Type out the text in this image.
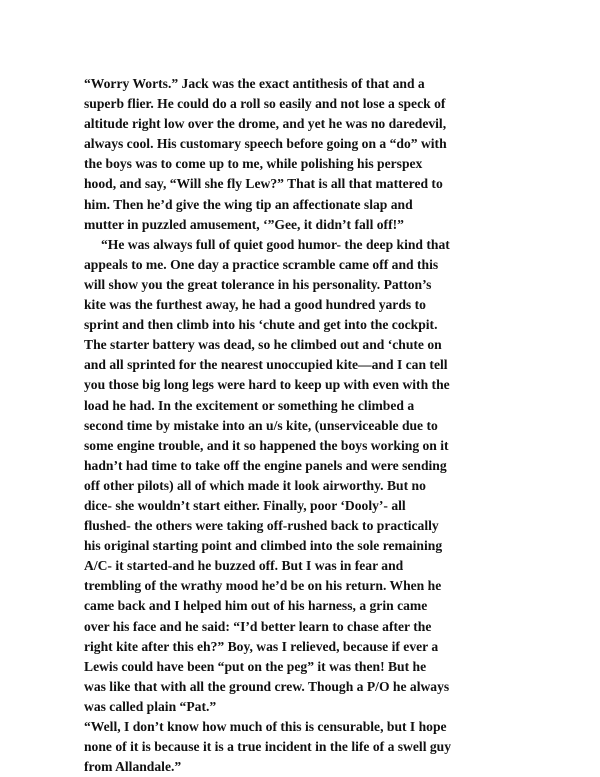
“Worry Worts.” Jack was the exact antithesis of that and a
superb flier. He could do a roll so easily and not lose a speck of
altitude right low over the drome, and yet he was no daredevil,
always cool. His customary speech before going on a “do” with
the boys was to come up to me, while polishing his perspex
hood, and say, “Will she fly Lew?” That is all that mattered to
him. Then he’d give the wing tip an affectionate slap and
mutter in puzzled amusement, ‘”Gee, it didn’t fall off!”
“He was always full of quiet good humor- the deep kind that
appeals to me. One day a practice scramble came off and this
will show you the great tolerance in his personality. Patton’s
kite was the furthest away, he had a good hundred yards to
sprint and then climb into his ‘chute and get into the cockpit.
The starter battery was dead, so he climbed out and ‘chute on
and all sprinted for the nearest unoccupied kite—and I can tell
you those big long legs were hard to keep up with even with the
load he had. In the excitement or something he climbed a
second time by mistake into an u/s kite, (unserviceable due to
some engine trouble, and it so happened the boys working on it
hadn’t had time to take off the engine panels and were sending
off other pilots) all of which made it look airworthy. But no
dice- she wouldn’t start either. Finally, poor ‘Dooly’- all
flushed- the others were taking off-rushed back to practically
his original starting point and climbed into the sole remaining
A/C- it started-and he buzzed off. But I was in fear and
trembling of the wrathy mood he’d be on his return. When he
came back and I helped him out of his harness, a grin came
over his face and he said: “I’d better learn to chase after the
right kite after this eh?” Boy, was I relieved, because if ever a
Lewis could have been “put on the peg” it was then! But he
was like that with all the ground crew. Though a P/O he always
was called plain “Pat.”
“Well, I don’t know how much of this is censurable, but I hope
none of it is because it is a true incident in the life of a swell guy
from Allandale.”
